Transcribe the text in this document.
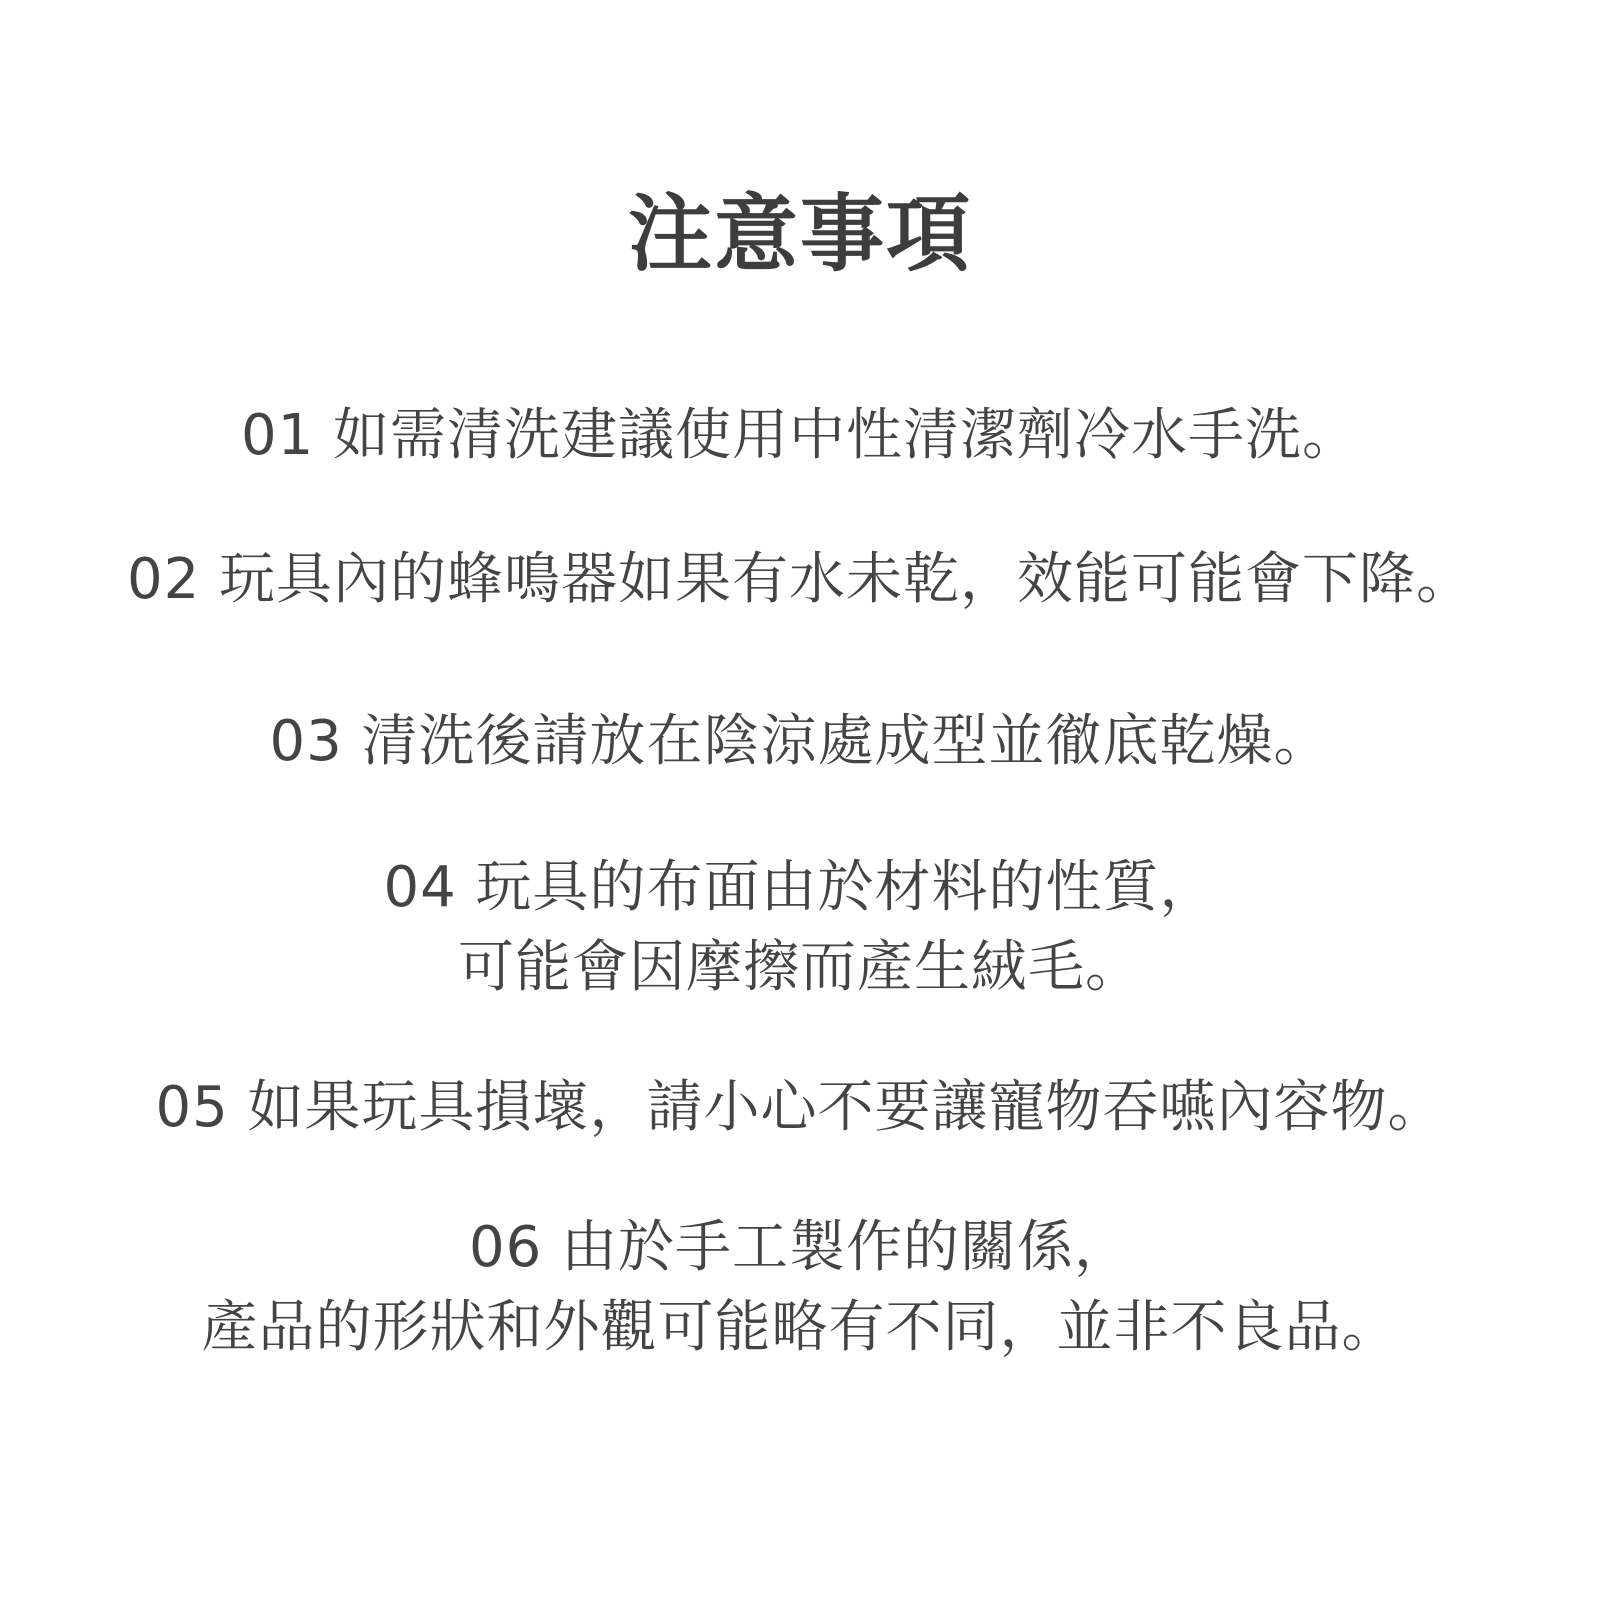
注意事項
01 如需清洗建議使用中性清潔劑冷水手洗。
02 玩具內的蜂鳴器如果有水未乾，效能可能會下降。
03 清洗後請放在陰涼處成型並徹底乾燥。
04 玩具的布面由於材料的性質，
可能會因摩擦而產生絨毛。
05 如果玩具損壞，請小心不要讓寵物吞嚥內容物。
06 由於手工製作的關係，
產品的形狀和外觀可能略有不同，並非不良品。
